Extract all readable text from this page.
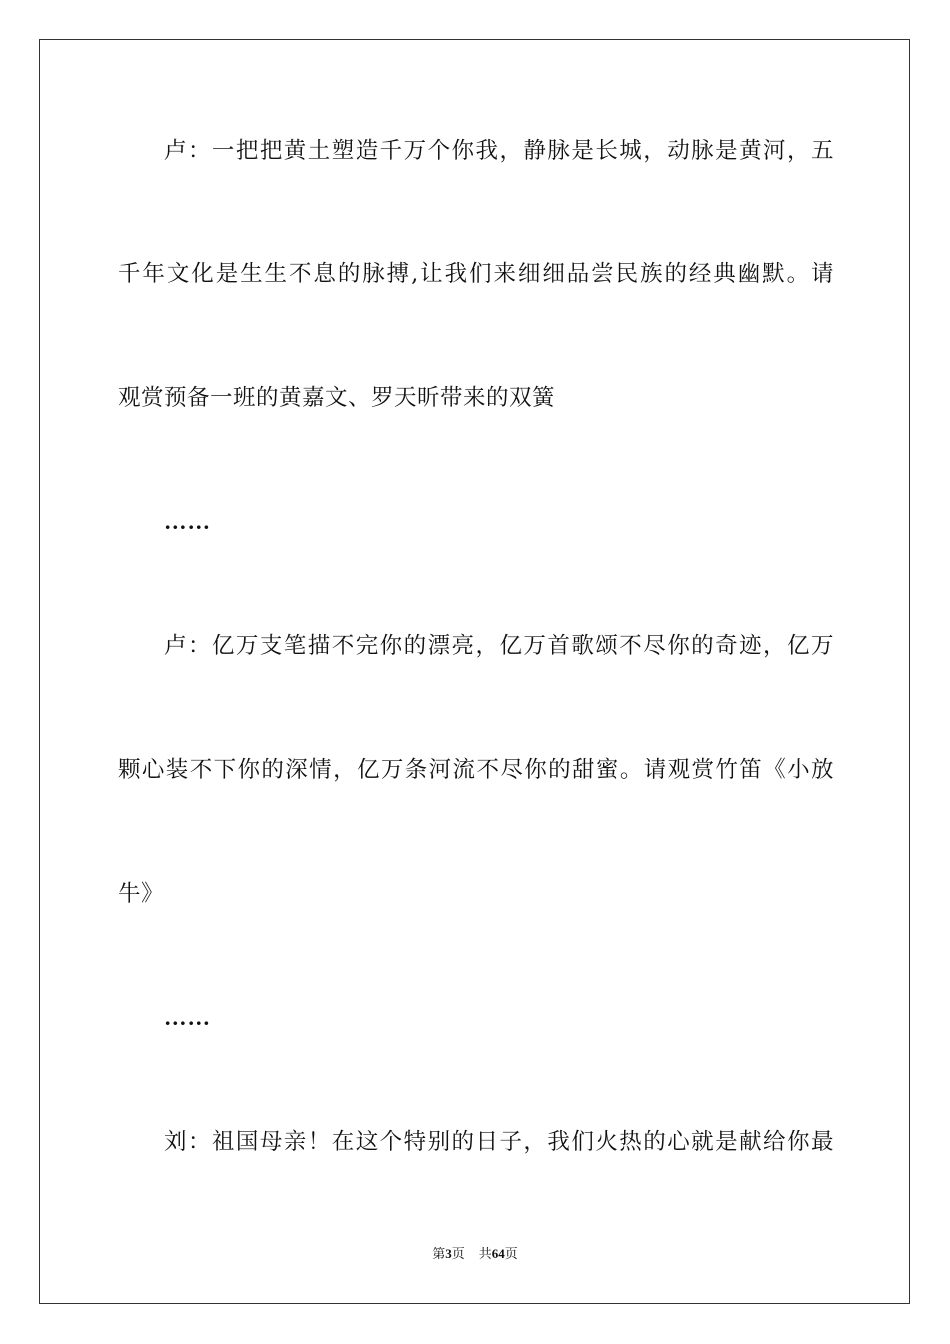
卢：一把把黄土塑造千万个你我，静脉是长城，动脉是黄河，五
千年文化是生生不息的脉搏,让我们来细细品尝民族的经典幽默。请
观赏预备一班的黄嘉文、罗天昕带来的双簧
……
卢：亿万支笔描不完你的漂亮，亿万首歌颂不尽你的奇迹，亿万
颗心装不下你的深情，亿万条河流不尽你的甜蜜。请观赏竹笛《小放
牛》
……
刘：祖国母亲！在这个特别的日子，我们火热的心就是献给你最
第3页 共64页
